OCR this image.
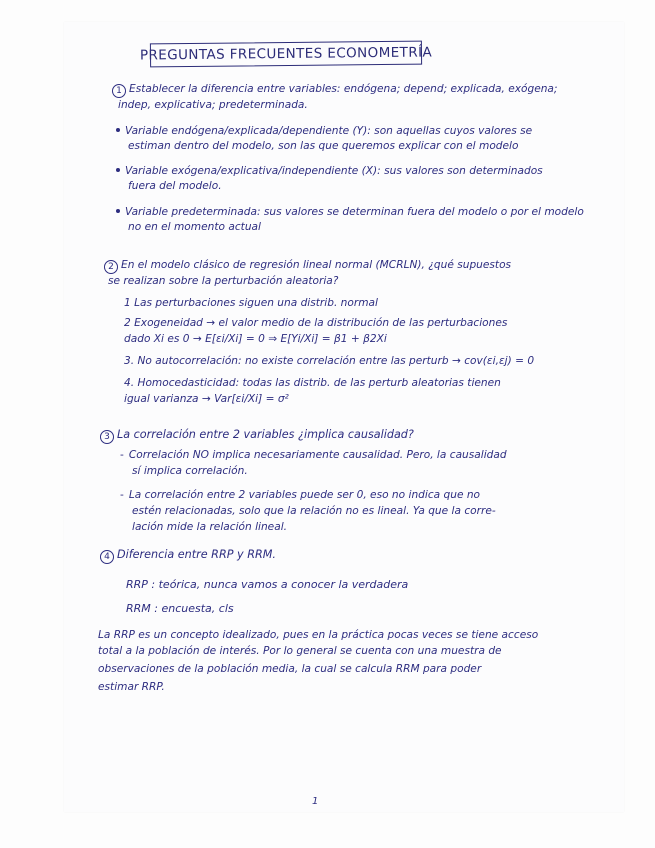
PREGUNTAS FRECUENTES ECONOMETRÍA
1 Establecer la diferencia entre variables: endógena; depend; explicada, exógena;
indep, explicativa; predeterminada.
Variable endógena/explicada/dependiente (Y): son aquellas cuyos valores se
estiman dentro del modelo, son las que queremos explicar con el modelo
Variable exógena/explicativa/independiente (X): sus valores son determinados
fuera del modelo.
Variable predeterminada: sus valores se determinan fuera del modelo o por el modelo
no en el momento actual
2 En el modelo clásico de regresión lineal normal (MCRLN), ¿qué supuestos
se realizan sobre la perturbación aleatoria?
1 Las perturbaciones siguen una distrib. normal
2 Exogeneidad → el valor medio de la distribución de las perturbaciones
dado Xi es 0 → E[εi/Xi] = 0 ⇒ E[Yi/Xi] = β1 + β2Xi
3. No autocorrelación: no existe correlación entre las perturb → cov(εi,εj) = 0
4. Homocedasticidad: todas las distrib. de las perturb aleatorias tienen
igual varianza → Var[εi/Xi] = σ²
3 La correlación entre 2 variables ¿implica causalidad?
- Correlación NO implica necesariamente causalidad. Pero, la causalidad
sí implica correlación.
- La correlación entre 2 variables puede ser 0, eso no indica que no
estén relacionadas, solo que la relación no es lineal. Ya que la corre-
lación mide la relación lineal.
4 Diferencia entre RRP y RRM.
RRP : teórica, nunca vamos a conocer la verdadera
RRM : encuesta, cls
La RRP es un concepto idealizado, pues en la práctica pocas veces se tiene acceso
total a la población de interés. Por lo general se cuenta con una muestra de
observaciones de la población media, la cual se calcula RRM para poder
estimar RRP.
1
